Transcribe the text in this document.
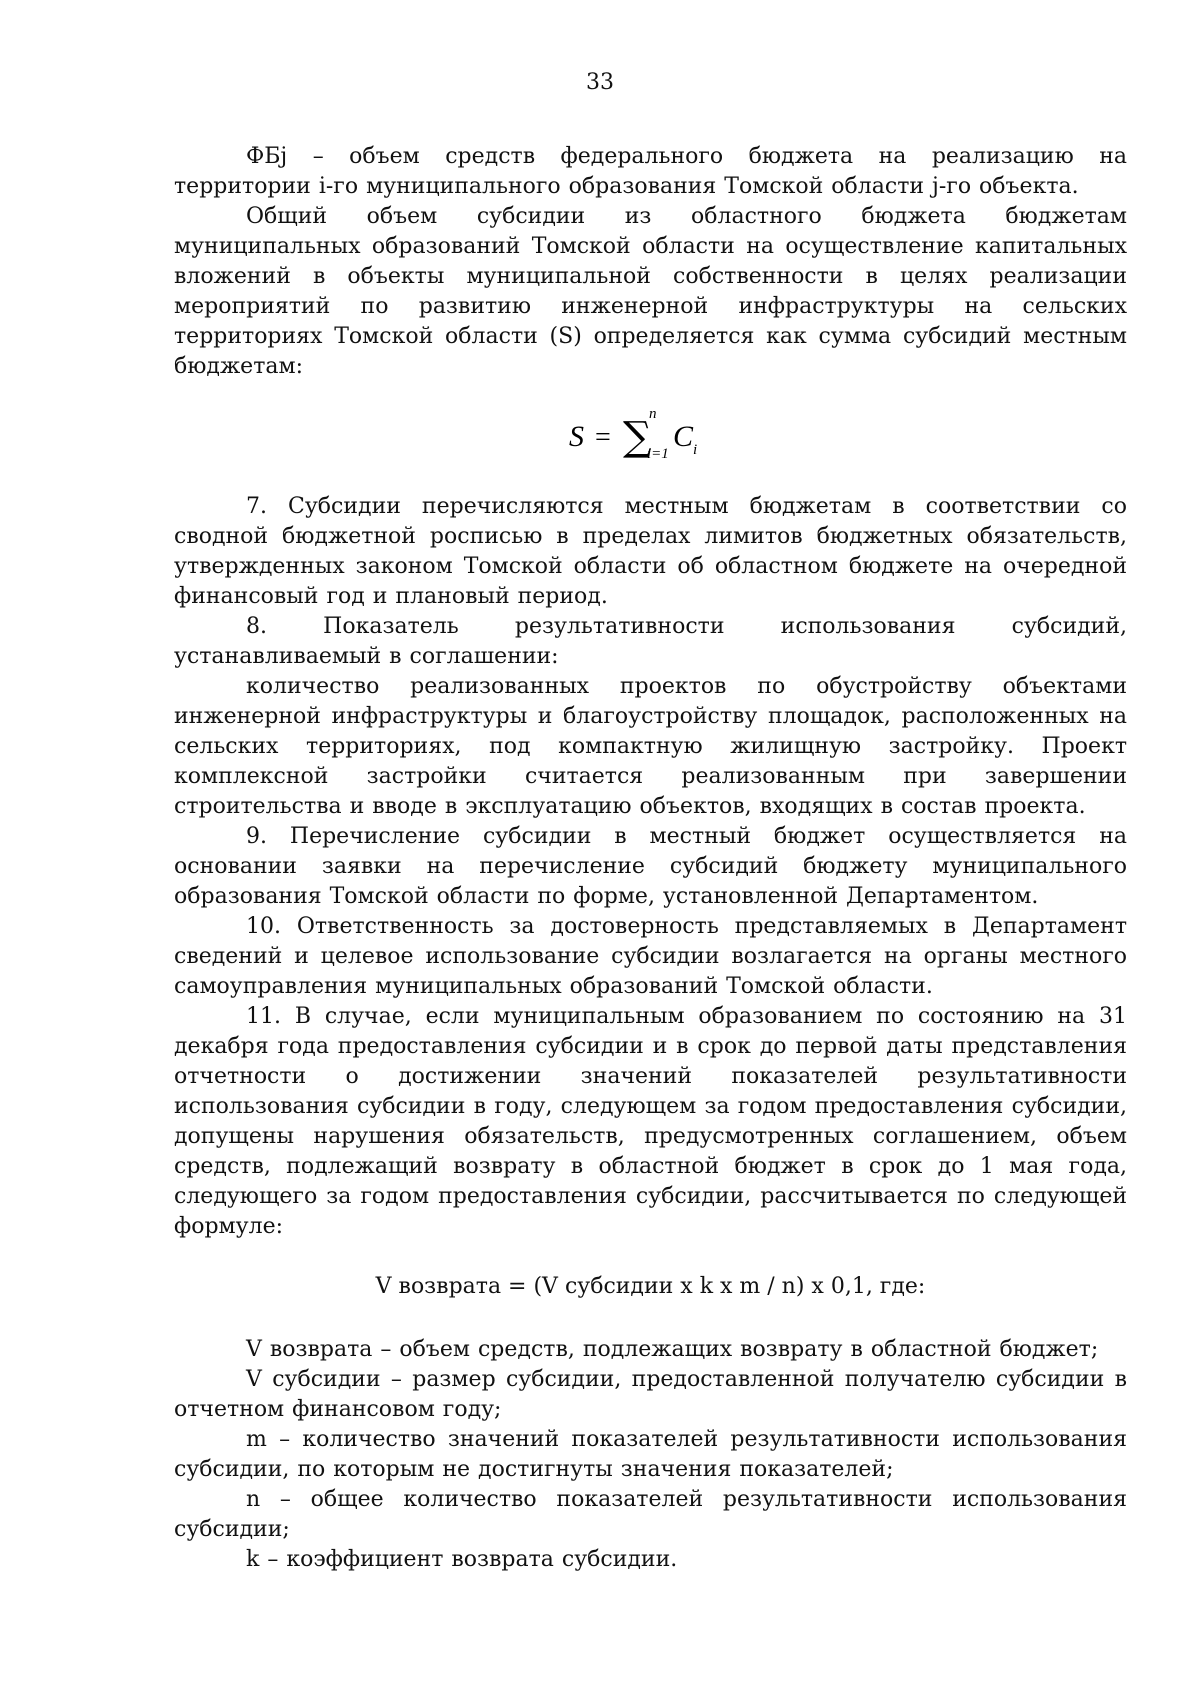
33

ФБj – объем средств федерального бюджета на реализацию на территории i-го муниципального образования Томской области j-го объекта.

Общий объем субсидии из областного бюджета бюджетам муниципальных образований Томской области на осуществление капитальных вложений в объекты муниципальной собственности в целях реализации мероприятий по развитию инженерной инфраструктуры на сельских территориях Томской области (S) определяется как сумма субсидий местным бюджетам:

S = ∑
n
i=1
C i

7. Субсидии перечисляются местным бюджетам в соответствии со сводной бюджетной росписью в пределах лимитов бюджетных обязательств, утвержденных законом Томской области об областном бюджете на очередной финансовый год и плановый период.

8. Показатель результативности использования субсидий, устанавливаемый в соглашении:

количество реализованных проектов по обустройству объектами инженерной инфраструктуры и благоустройству площадок, расположенных на сельских территориях, под компактную жилищную застройку. Проект комплексной застройки считается реализованным при завершении строительства и вводе в эксплуатацию объектов, входящих в состав проекта.

9. Перечисление субсидии в местный бюджет осуществляется на основании заявки на перечисление субсидий бюджету муниципального образования Томской области по форме, установленной Департаментом.

10. Ответственность за достоверность представляемых в Департамент сведений и целевое использование субсидии возлагается на органы местного самоуправления муниципальных образований Томской области.

11. В случае, если муниципальным образованием по состоянию на 31 декабря года предоставления субсидии и в срок до первой даты представления отчетности о достижении значений показателей результативности использования субсидии в году, следующем за годом предоставления субсидии, допущены нарушения обязательств, предусмотренных соглашением, объем средств, подлежащий возврату в областной бюджет в срок до 1 мая года, следующего за годом предоставления субсидии, рассчитывается по следующей формуле:

V возврата = (V субсидии x k x m / n) x 0,1, где:

V возврата – объем средств, подлежащих возврату в областной бюджет;

V субсидии – размер субсидии, предоставленной получателю субсидии в отчетном финансовом году;

m – количество значений показателей результативности использования субсидии, по которым не достигнуты значения показателей;

n – общее количество показателей результативности использования субсидии;

k – коэффициент возврата субсидии.
